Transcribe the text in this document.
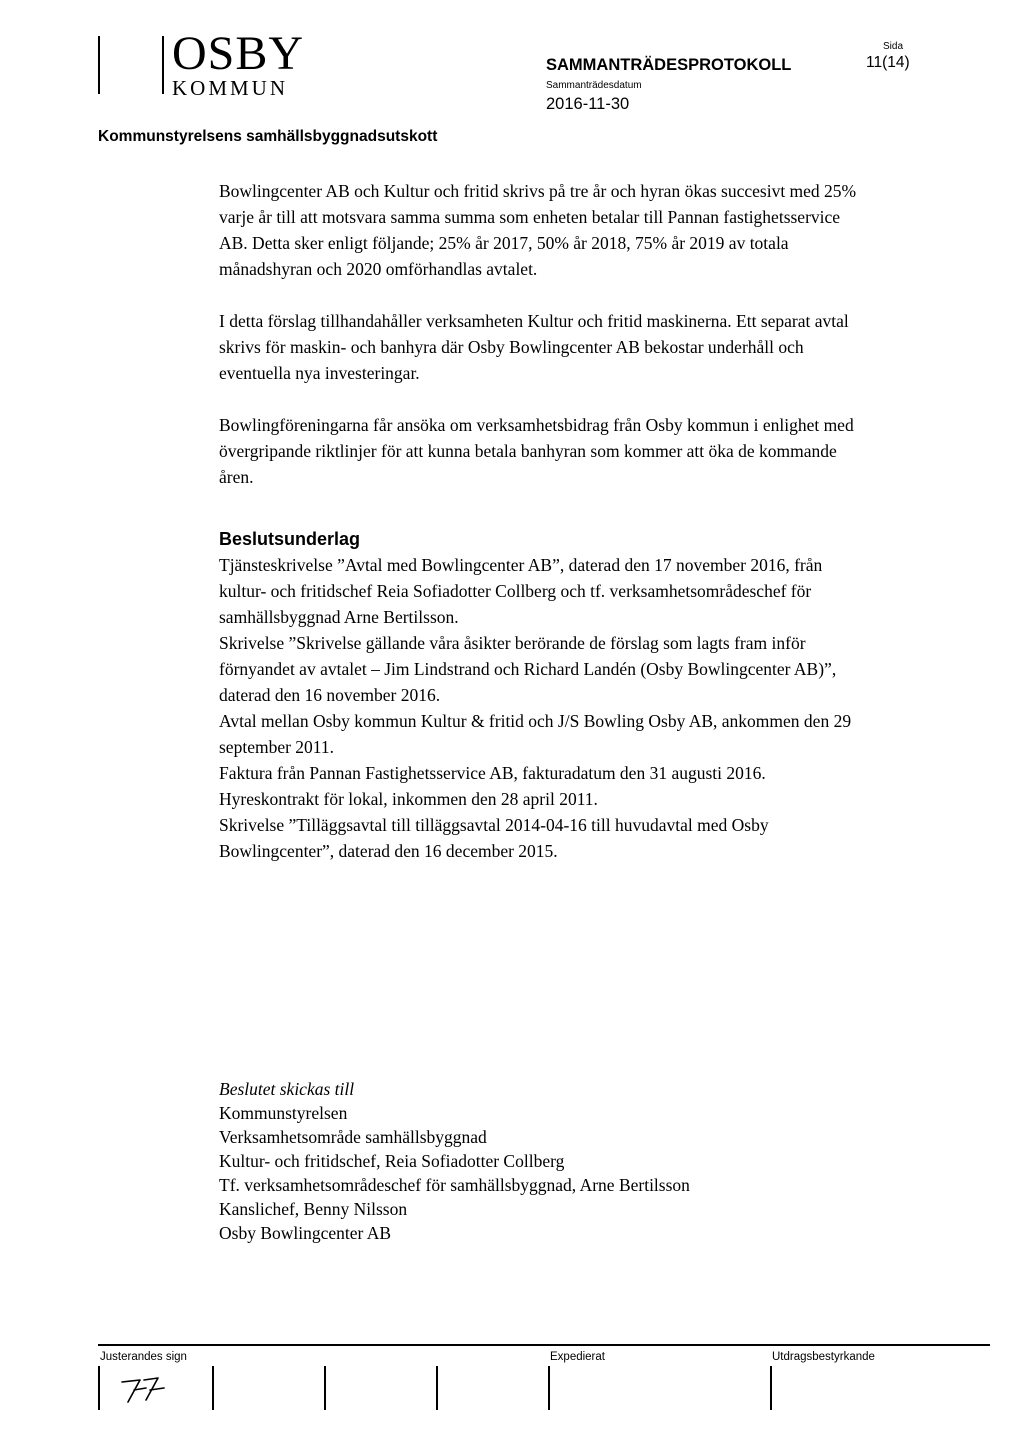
OSBY
KOMMUN
SAMMANTRÄDESPROTOKOLL
Sammanträdesdatum
2016-11-30
Sida
11(14)
Kommunstyrelsens samhällsbyggnadsutskott

Bowlingcenter AB och Kultur och fritid skrivs på tre år och hyran ökas succesivt med 25% varje år till att motsvara samma summa som enheten betalar till Pannan fastighetsservice AB. Detta sker enligt följande; 25% år 2017, 50% år 2018, 75% år 2019 av totala månadshyran och 2020 omförhandlas avtalet.

I detta förslag tillhandahåller verksamheten Kultur och fritid maskinerna. Ett separat avtal skrivs för maskin- och banhyra där Osby Bowlingcenter AB bekostar underhåll och eventuella nya investeringar.

Bowlingföreningarna får ansöka om verksamhetsbidrag från Osby kommun i enlighet med övergripande riktlinjer för att kunna betala banhyran som kommer att öka de kommande åren.

Beslutsunderlag

Tjänsteskrivelse ”Avtal med Bowlingcenter AB”, daterad den 17 november 2016, från kultur- och fritidschef Reia Sofiadotter Collberg och tf. verksamhetsområdeschef för samhällsbyggnad Arne Bertilsson.

Skrivelse ”Skrivelse gällande våra åsikter berörande de förslag som lagts fram inför förnyandet av avtalet – Jim Lindstrand och Richard Landén (Osby Bowlingcenter AB)”, daterad den 16 november 2016.

Avtal mellan Osby kommun Kultur & fritid och J/S Bowling Osby AB, ankommen den 29 september 2011.

Faktura från Pannan Fastighetsservice AB, fakturadatum den 31 augusti 2016.

Hyreskontrakt för lokal, inkommen den 28 april 2011.

Skrivelse ”Tilläggsavtal till tilläggsavtal 2014-04-16 till huvudavtal med Osby Bowlingcenter”, daterad den 16 december 2015.

Beslutet skickas till

Kommunstyrelsen

Verksamhetsområde samhällsbyggnad

Kultur- och fritidschef, Reia Sofiadotter Collberg

Tf. verksamhetsområdeschef för samhällsbyggnad, Arne Bertilsson

Kanslichef, Benny Nilsson

Osby Bowlingcenter AB

Justerandes sign	Expedierat	Utdragsbestyrkande
